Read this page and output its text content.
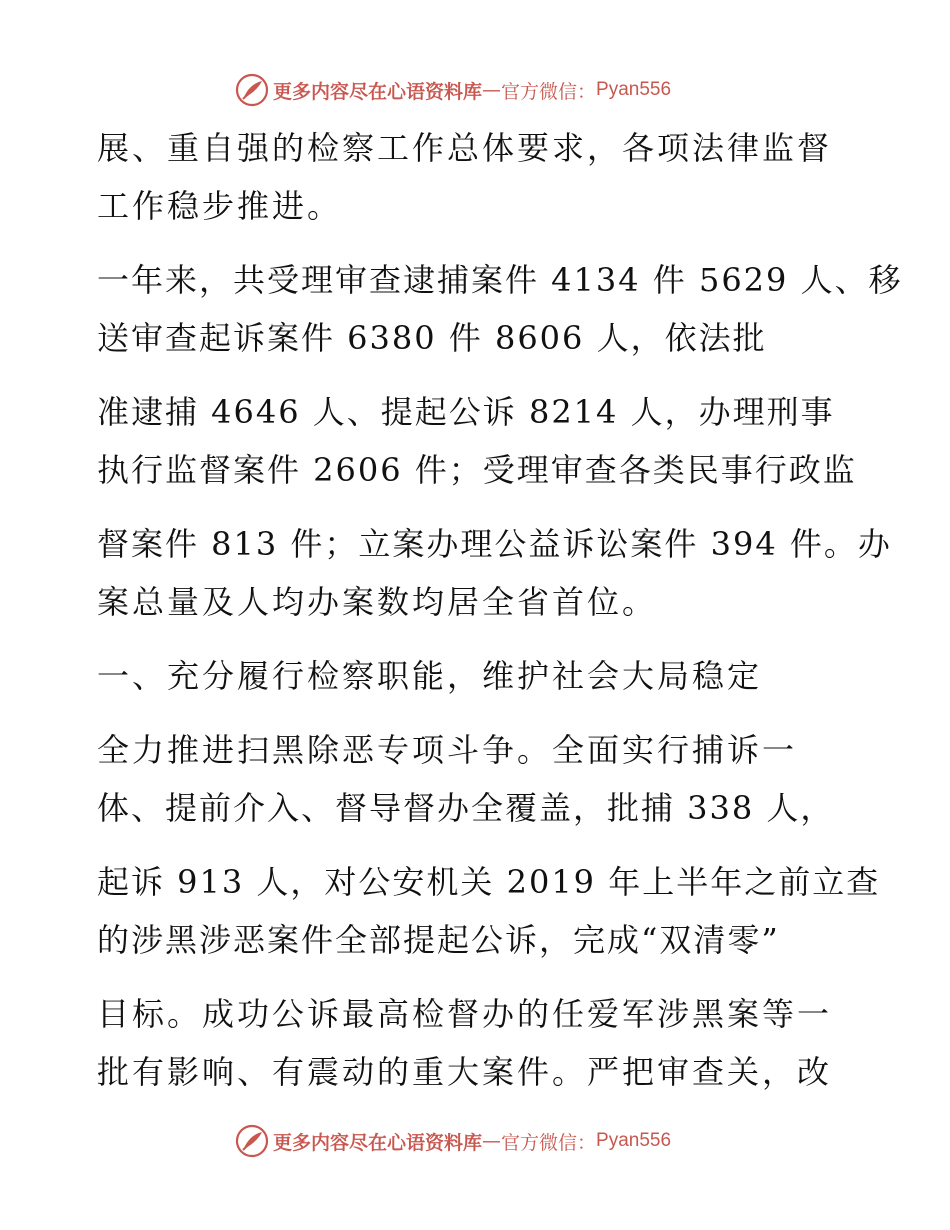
更多内容尽在心语资料库 — 官方微信： Pyan556
展、重自强的检察工作总体要求，各项法律监督
工作稳步推进。
一年来，共受理审查逮捕案件 4134 件 5629 人、移
送审查起诉案件 6380 件 8606 人，依法批
准逮捕 4646 人、提起公诉 8214 人，办理刑事
执行监督案件 2606 件；受理审查各类民事行政监
督案件 813 件；立案办理公益诉讼案件 394 件。办
案总量及人均办案数均居全省首位。
一、充分履行检察职能，维护社会大局稳定
全力推进扫黑除恶专项斗争。全面实行捕诉一
体、提前介入、督导督办全覆盖，批捕 338 人，
起诉 913 人，对公安机关 2019 年上半年之前立查
的涉黑涉恶案件全部提起公诉，完成“双清零”
目标。成功公诉最高检督办的任爱军涉黑案等一
批有影响、有震动的重大案件。严把审查关，改
更多内容尽在心语资料库 — 官方微信： Pyan556
